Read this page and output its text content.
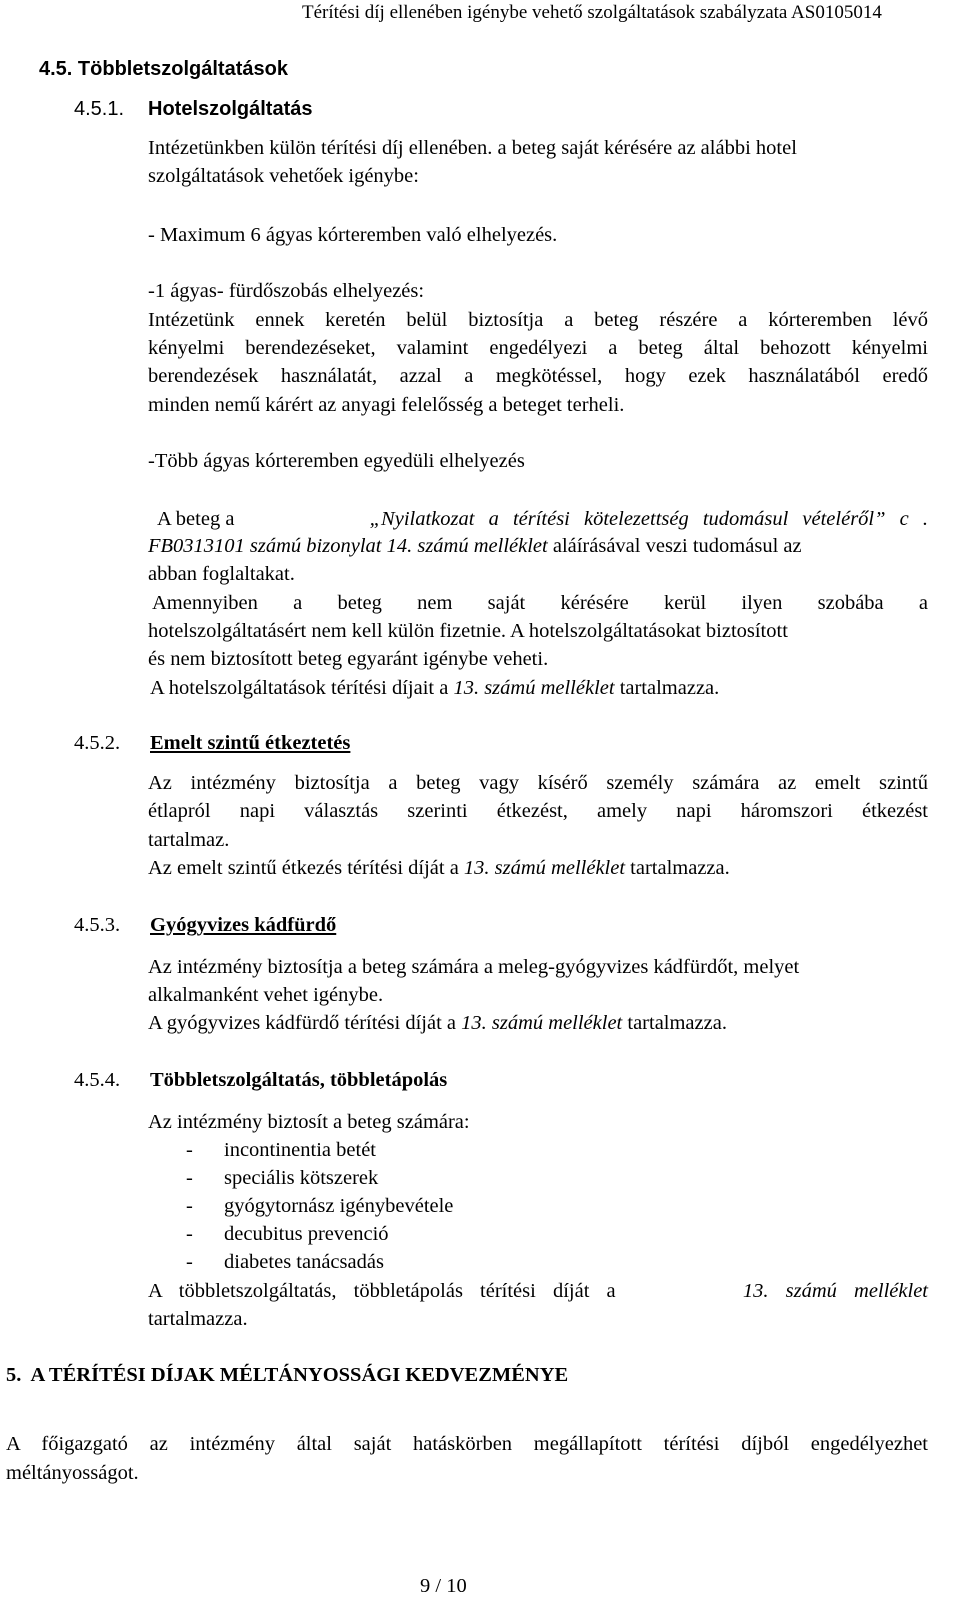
Térítési díj ellenében igénybe vehető szolgáltatások szabályzata AS0105014
4.5. Többletszolgáltatások
4.5.1. Hotelszolgáltatás
Intézetünkben külön térítési díj ellenében. a beteg saját kérésére az alábbi hotel
szolgáltatások vehetőek igénybe:
- Maximum 6 ágyas kórteremben való elhelyezés.
-1 ágyas- fürdőszobás elhelyezés:
Intézetünk ennek keretén belül biztosítja a beteg részére a kórteremben lévő
kényelmi berendezéseket, valamint engedélyezi a beteg által behozott kényelmi
berendezések használatát, azzal a megkötéssel, hogy ezek használatából eredő
minden nemű kárért az anyagi felelősség a beteget terheli.
-Több ágyas kórteremben egyedüli elhelyezés
A beteg a	„Nyilatkozat a térítési kötelezettség tudomásul vételéről” c .
FB0313101 számú bizonylat 14. számú melléklet aláírásával veszi tudomásul az
abban foglaltakat.
Amennyiben a beteg nem saját kérésére kerül ilyen szobába a
hotelszolgáltatásért nem kell külön fizetnie. A hotelszolgáltatásokat biztosított
és nem biztosított beteg egyaránt igénybe veheti.
A hotelszolgáltatások térítési díjait a 13. számú melléklet tartalmazza.
4.5.2. Emelt szintű étkeztetés
Az intézmény biztosítja a beteg vagy kísérő személy számára az emelt szintű
étlapról napi választás szerinti étkezést, amely napi háromszori étkezést
tartalmaz.
Az emelt szintű étkezés térítési díját a 13. számú melléklet tartalmazza.
4.5.3. Gyógyvizes kádfürdő
Az intézmény biztosítja a beteg számára a meleg-gyógyvizes kádfürdőt, melyet
alkalmanként vehet igénybe.
A gyógyvizes kádfürdő térítési díját a 13. számú melléklet tartalmazza.
4.5.4. Többletszolgáltatás, többletápolás
Az intézmény biztosít a beteg számára:
- incontinentia betét
- speciális kötszerek
- gyógytornász igénybevétele
- decubitus prevenció
- diabetes tanácsadás
A többletszolgáltatás, többletápolás térítési díját a	13. számú melléklet
tartalmazza.
5.  A TÉRÍTÉSI DÍJAK MÉLTÁNYOSSÁGI KEDVEZMÉNYE
A főigazgató az intézmény által saját hatáskörben megállapított térítési díjból engedélyezhet
méltányosságot.
9 / 10
